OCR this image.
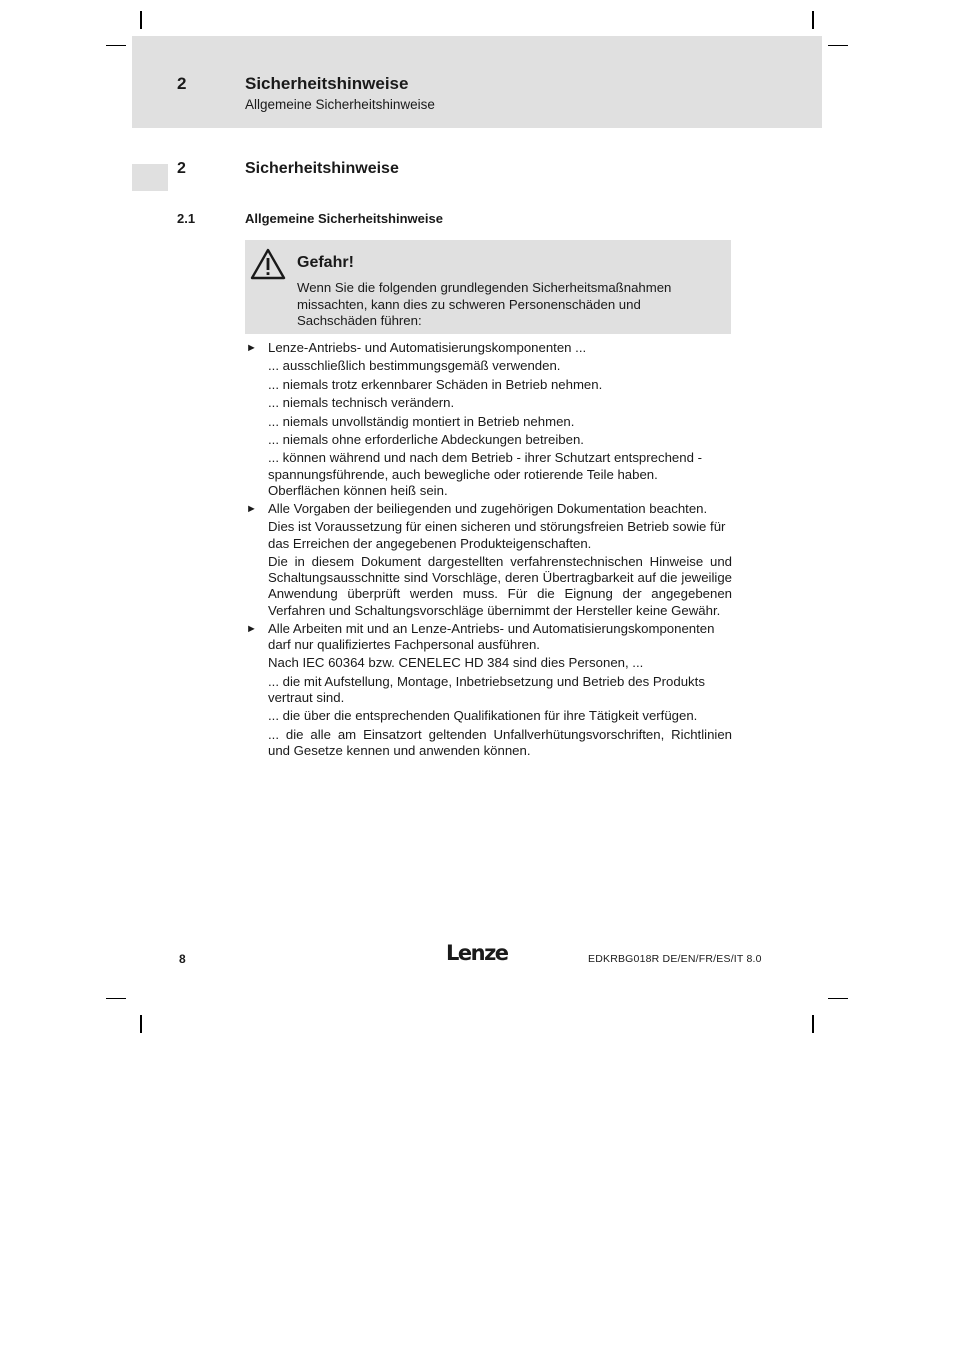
2	Sicherheitshinweise
Allgemeine Sicherheitshinweise
2	Sicherheitshinweise
2.1	Allgemeine Sicherheitshinweise
Gefahr!
Wenn Sie die folgenden grundlegenden Sicherheitsmaßnahmen
missachten, kann dies zu schweren Personenschäden und
Sachschäden führen:
► Lenze-Antriebs- und Automatisierungskomponenten ...

... ausschließlich bestimmungsgemäß verwenden.

... niemals trotz erkennbarer Schäden in Betrieb nehmen.

... niemals technisch verändern.

... niemals unvollständig montiert in Betrieb nehmen.

... niemals ohne erforderliche Abdeckungen betreiben.

... können während und nach dem Betrieb - ihrer Schutzart entsprechend - spannungsführende, auch bewegliche oder rotierende Teile haben. Oberflächen können heiß sein.

► Alle Vorgaben der beiliegenden und zugehörigen Dokumentation beachten.

Dies ist Voraussetzung für einen sicheren und störungsfreien Betrieb sowie für das Erreichen der angegebenen Produkteigenschaften.

Die in diesem Dokument dargestellten verfahrenstechnischen Hinweise und Schaltungsausschnitte sind Vorschläge, deren Übertragbarkeit auf die jeweilige Anwendung überprüft werden muss. Für die Eignung der angegebenen Verfahren und Schaltungsvorschläge übernimmt der Hersteller keine Gewähr.

► Alle Arbeiten mit und an Lenze-Antriebs- und Automatisierungskomponenten darf nur qualifiziertes Fachpersonal ausführen.

Nach IEC 60364 bzw. CENELEC HD 384 sind dies Personen, ...

... die mit Aufstellung, Montage, Inbetriebsetzung und Betrieb des Produkts vertraut sind.

... die über die entsprechenden Qualifikationen für ihre Tätigkeit verfügen.

... die alle am Einsatzort geltenden Unfallverhütungsvorschriften, Richtlinien und Gesetze kennen und anwenden können.

8	Lenze	EDKRBG018R DE/EN/FR/ES/IT 8.0
